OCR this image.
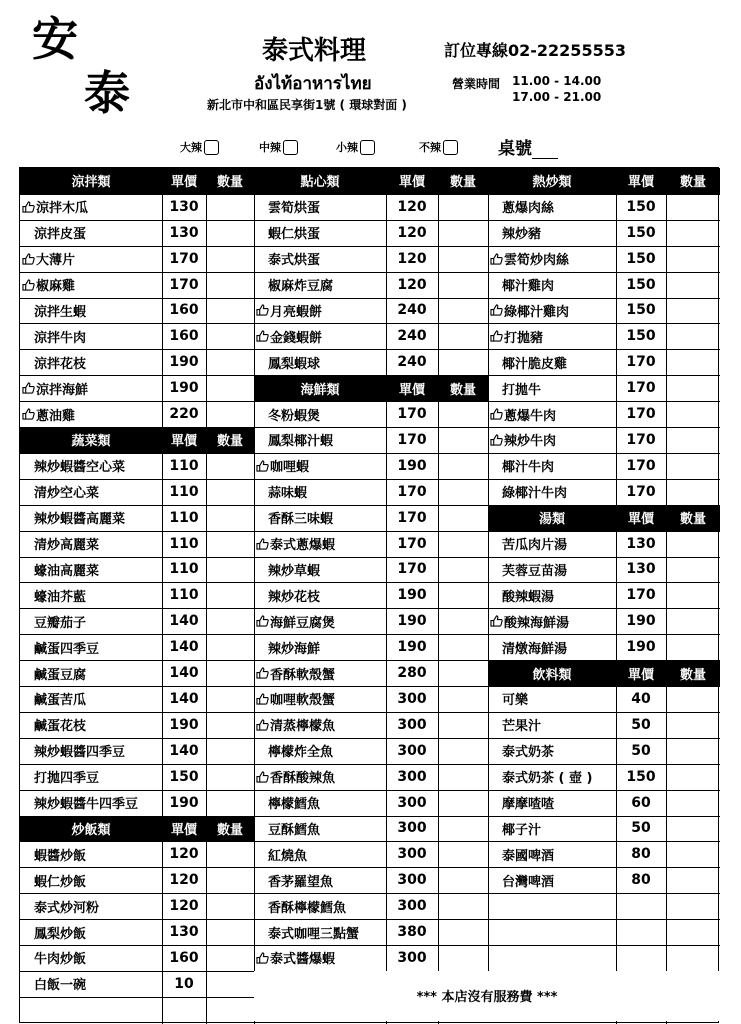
安
泰
泰式料理
อังไท้อาหารไทย
新北市中和區民享街1號 ( 環球對面 )
訂位專線02-22255553
營業時間 11.00 - 14.00
17.00 - 21.00
大辣	中辣	小辣	不辣	桌號
涼拌類	單價	數量
涼拌木瓜	130
涼拌皮蛋	130
大薄片	170
椒麻雞	170
涼拌生蝦	160
涼拌牛肉	160
涼拌花枝	190
涼拌海鮮	190
蔥油雞	220
蔬菜類	單價	數量
辣炒蝦醬空心菜	110
清炒空心菜	110
辣炒蝦醬高麗菜	110
清炒高麗菜	110
蠔油高麗菜	110
蠔油芥藍	110
豆瓣茄子	140
鹹蛋四季豆	140
鹹蛋豆腐	140
鹹蛋苦瓜	140
鹹蛋花枝	190
辣炒蝦醬四季豆	140
打拋四季豆	150
辣炒蝦醬牛四季豆	190
炒飯類	單價	數量
蝦醬炒飯	120
蝦仁炒飯	120
泰式炒河粉	120
鳳梨炒飯	130
牛肉炒飯	160
白飯一碗	10
點心類	單價	數量
雲筍烘蛋	120
蝦仁烘蛋	120
泰式烘蛋	120
椒麻炸豆腐	120
月亮蝦餅	240
金錢蝦餅	240
鳳梨蝦球	240
海鮮類	單價	數量
冬粉蝦煲	170
鳳梨椰汁蝦	170
咖哩蝦	190
蒜味蝦	170
香酥三味蝦	170
泰式蔥爆蝦	170
辣炒草蝦	170
辣炒花枝	190
海鮮豆腐煲	190
辣炒海鮮	190
香酥軟殼蟹	280
咖哩軟殼蟹	300
清蒸檸檬魚	300
檸檬炸全魚	300
香酥酸辣魚	300
檸檬鱈魚	300
豆酥鱈魚	300
紅燒魚	300
香茅羅望魚	300
香酥檸檬鱈魚	300
泰式咖哩三點蟹	380
泰式醬爆蝦	300
熱炒類	單價	數量
蔥爆肉絲	150
辣炒豬	150
雲筍炒肉絲	150
椰汁雞肉	150
綠椰汁雞肉	150
打拋豬	150
椰汁脆皮雞	170
打拋牛	170
蔥爆牛肉	170
辣炒牛肉	170
椰汁牛肉	170
綠椰汁牛肉	170
湯類	單價	數量
苦瓜肉片湯	130
芙蓉豆苗湯	130
酸辣蝦湯	170
酸辣海鮮湯	190
清燉海鮮湯	190
飲料類	單價	數量
可樂	40
芒果汁	50
泰式奶茶	50
泰式奶茶 ( 壺 )	150
摩摩喳喳	60
椰子汁	50
泰國啤酒	80
台灣啤酒	80
*** 本店沒有服務費 ***
